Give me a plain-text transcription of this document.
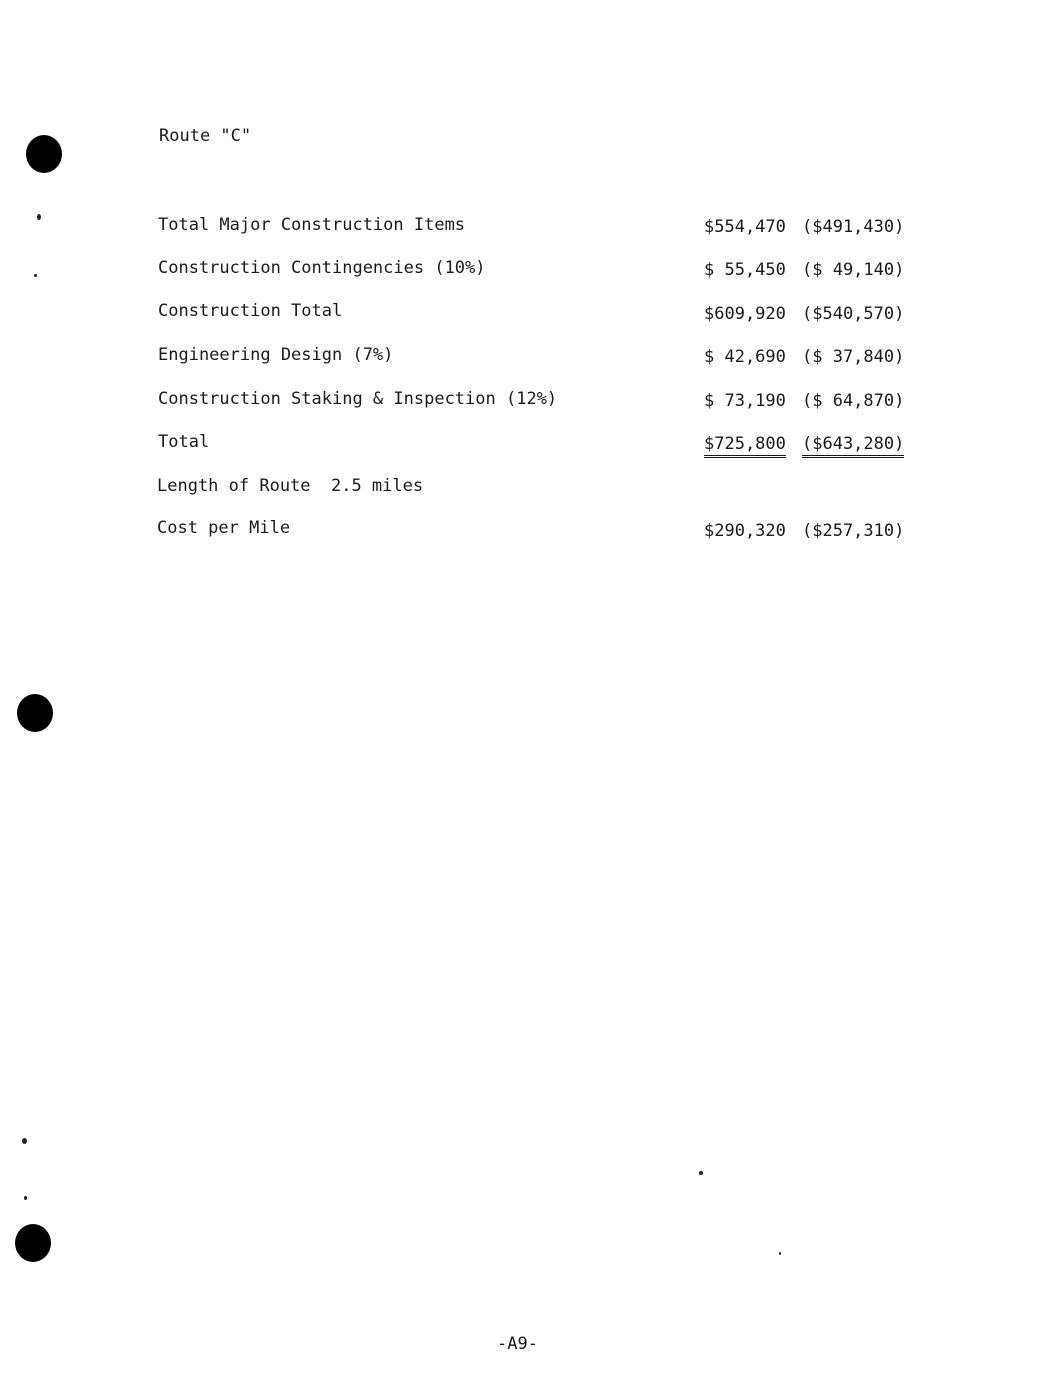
Route "C"
Total Major Construction Items	$554,470 ($491,430)
Construction Contingencies (10%)	$ 55,450 ($ 49,140)
Construction Total	$609,920 ($540,570)
Engineering Design (7%)	$ 42,690 ($ 37,840)
Construction Staking & Inspection (12%)	$ 73,190 ($ 64,870)
Total	$725,800 ($643,280)
Length of Route  2.5 miles
Cost per Mile	$290,320 ($257,310)
-A9-
